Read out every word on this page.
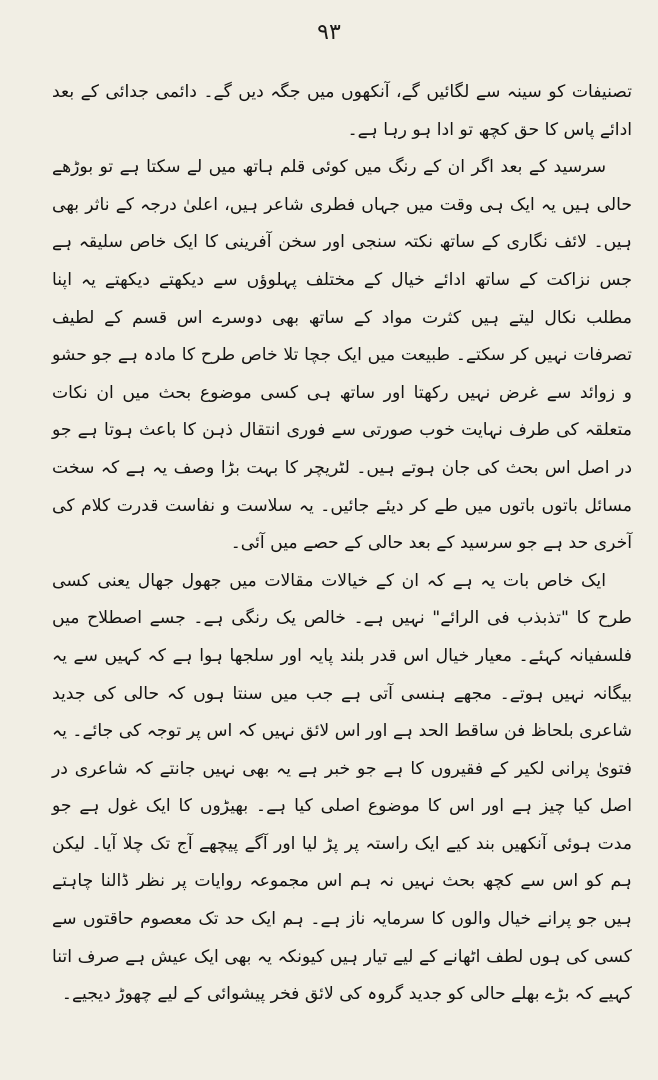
۹۳

تصنیفات کو سینہ سے لگائیں گے، آنکھوں میں جگہ دیں گے۔ دائمی جدائی کے بعد ادائے پاس کا حق کچھ تو ادا ہو رہا ہے۔

سرسید کے بعد اگر ان کے رنگ میں کوئی قلم ہاتھ میں لے سکتا ہے تو بوڑھے حالی ہیں یہ ایک ہی وقت میں جہاں فطری شاعر ہیں، اعلیٰ درجہ کے ناثر بھی ہیں۔ لائف نگاری کے ساتھ نکتہ سنجی اور سخن آفرینی کا ایک خاص سلیقہ ہے جس نزاکت کے ساتھ ادائے خیال کے مختلف پہلوؤں سے دیکھتے دیکھتے یہ اپنا مطلب نکال لیتے ہیں کثرت مواد کے ساتھ بھی دوسرے اس قسم کے لطیف تصرفات نہیں کر سکتے۔ طبیعت میں ایک جچا تلا خاص طرح کا مادہ ہے جو حشو و زوائد سے غرض نہیں رکھتا اور ساتھ ہی کسی موضوع بحث میں ان نکات متعلقہ کی طرف نہایت خوب صورتی سے فوری انتقال ذہن کا باعث ہوتا ہے جو در اصل اس بحث کی جان ہوتے ہیں۔ لٹریچر کا بہت بڑا وصف یہ ہے کہ سخت مسائل باتوں باتوں میں طے کر دیئے جائیں۔ یہ سلاست و نفاست قدرت کلام کی آخری حد ہے جو سرسید کے بعد حالی کے حصے میں آئی۔

ایک خاص بات یہ ہے کہ ان کے خیالات مقالات میں جھول جھال یعنی کسی طرح کا "تذبذب فی الرائے" نہیں ہے۔ خالص یک رنگی ہے۔ جسے اصطلاح میں فلسفیانہ کہئے۔ معیار خیال اس قدر بلند پایہ اور سلجھا ہوا ہے کہ کہیں سے یہ بیگانہ نہیں ہوتے۔ مجھے ہنسی آتی ہے جب میں سنتا ہوں کہ حالی کی جدید شاعری بلحاظ فن ساقط الحد ہے اور اس لائق نہیں کہ اس پر توجہ کی جائے۔ یہ فتویٰ پرانی لکیر کے فقیروں کا ہے جو خبر ہے یہ بھی نہیں جانتے کہ شاعری در اصل کیا چیز ہے اور اس کا موضوع اصلی کیا ہے۔ بھیڑوں کا ایک غول ہے جو مدت ہوئی آنکھیں بند کیے ایک راستہ پر پڑ لیا اور آگے پیچھے آج تک چلا آیا۔ لیکن ہم کو اس سے کچھ بحث نہیں نہ ہم اس مجموعہ روایات پر نظر ڈالنا چاہتے ہیں جو پرانے خیال والوں کا سرمایہ ناز ہے۔ ہم ایک حد تک معصوم حاقتوں سے کسی کی ہوں لطف اٹھانے کے لیے تیار ہیں کیونکہ یہ بھی ایک عیش ہے صرف اتنا کہیے کہ بڑے بھلے حالی کو جدید گروہ کی لائق فخر پیشوائی کے لیے چھوڑ دیجیے۔
